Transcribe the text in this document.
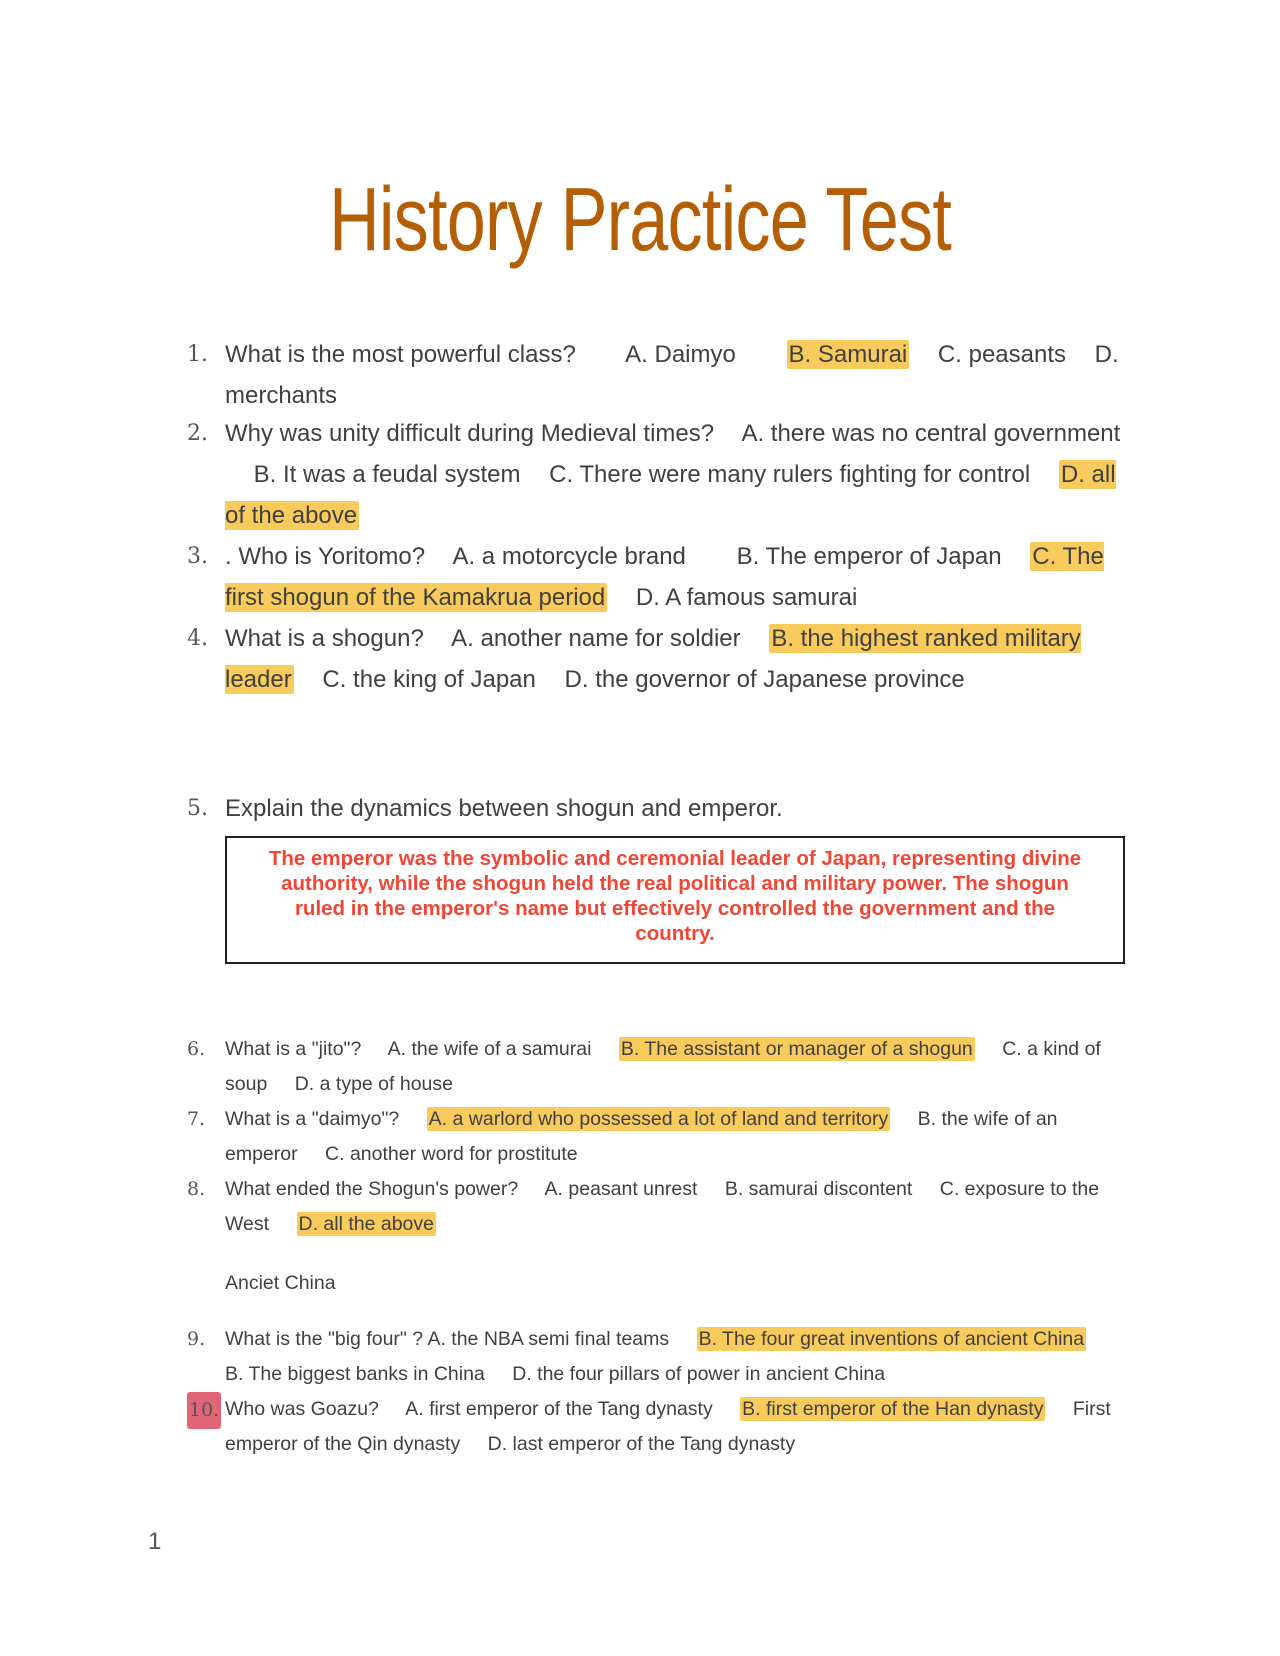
History Practice Test
1. What is the most powerful class? A. Daimyo B. Samurai C. peasants D. merchants
2. Why was unity difficult during Medieval times? A. there was no central government B. It was a feudal system C. There were many rulers fighting for control D. all of the above
3. . Who is Yoritomo? A. a motorcycle brand B. The emperor of Japan C. The first shogun of the Kamakrua period D. A famous samurai
4. What is a shogun? A. another name for soldier B. the highest ranked military leader C. the king of Japan D. the governor of Japanese province
5. Explain the dynamics between shogun and emperor.
The emperor was the symbolic and ceremonial leader of Japan, representing divine authority, while the shogun held the real political and military power. The shogun ruled in the emperor's name but effectively controlled the government and the country.
6. What is a "jito"? A. the wife of a samurai B. The assistant or manager of a shogun C. a kind of soup D. a type of house
7. What is a "daimyo"? A. a warlord who possessed a lot of land and territory B. the wife of an emperor C. another word for prostitute
8. What ended the Shogun's power? A. peasant unrest B. samurai discontent C. exposure to the West D. all the above
Anciet China
9. What is the "big four" ? A. the NBA semi final teams B. The four great inventions of ancient China B. The biggest banks in China D. the four pillars of power in ancient China
10. Who was Goazu? A. first emperor of the Tang dynasty B. first emperor of the Han dynasty First emperor of the Qin dynasty D. last emperor of the Tang dynasty
1
